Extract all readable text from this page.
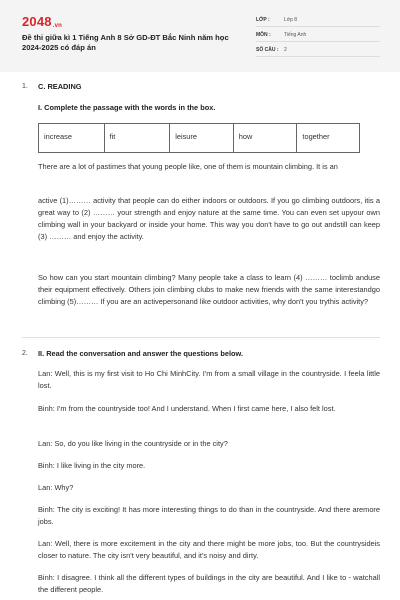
2048.vn
Đề thi giữa kì 1 Tiếng Anh 8 Sở GD-ĐT Bắc Ninh năm học 2024-2025 có đáp án
LỚP :	Lớp 8
MÔN :	Tiếng Anh
SỐ CÂU : 2
1. C. READING
I. Complete the passage with the words in the box.
increase	fit	leisure	how	together
There are a lot of pastimes that young people like, one of them is mountain climbing. It is an
active (1)……… activity that people can do either indoors or outdoors. If you go climbing outdoors, itis a great way to (2) ……… your strength and enjoy nature at the same time. You can even set upyour own climbing wall in your backyard or inside your home. This way you don't have to go out andstill can keep (3) ……… and enjoy the activity.
So how can you start mountain climbing? Many people take a class to learn (4) ……… toclimb anduse their equipment effectively. Others join climbing clubs to make new friends with the same interestandgo climbing (5)……… If you are an activepersonand like outdoor activities, why don't you trythis activity?
2. II. Read the conversation and answer the questions below.
Lan: Well, this is my first visit to Ho Chi MinhCity. I'm from a small village in the countryside. I feela little lost.
Binh: I'm from the countryside too! And I understand. When I first came here, I also felt lost.
Lan: So, do you like living in the countryside or in the city?
Binh: I like living in the city more.
Lan: Why?
Binh: The city is exciting! It has more interesting things to do than in the countryside. And there aremore jobs.
Lan: Well, there is more excitement in the city and there might be more jobs, too. But the countrysideis closer to nature. The city isn't very beautiful, and it's noisy and dirty.
Binh: I disagree. I think all the different types of buildings in the city are beautiful. And I like to - watchall the different people.
